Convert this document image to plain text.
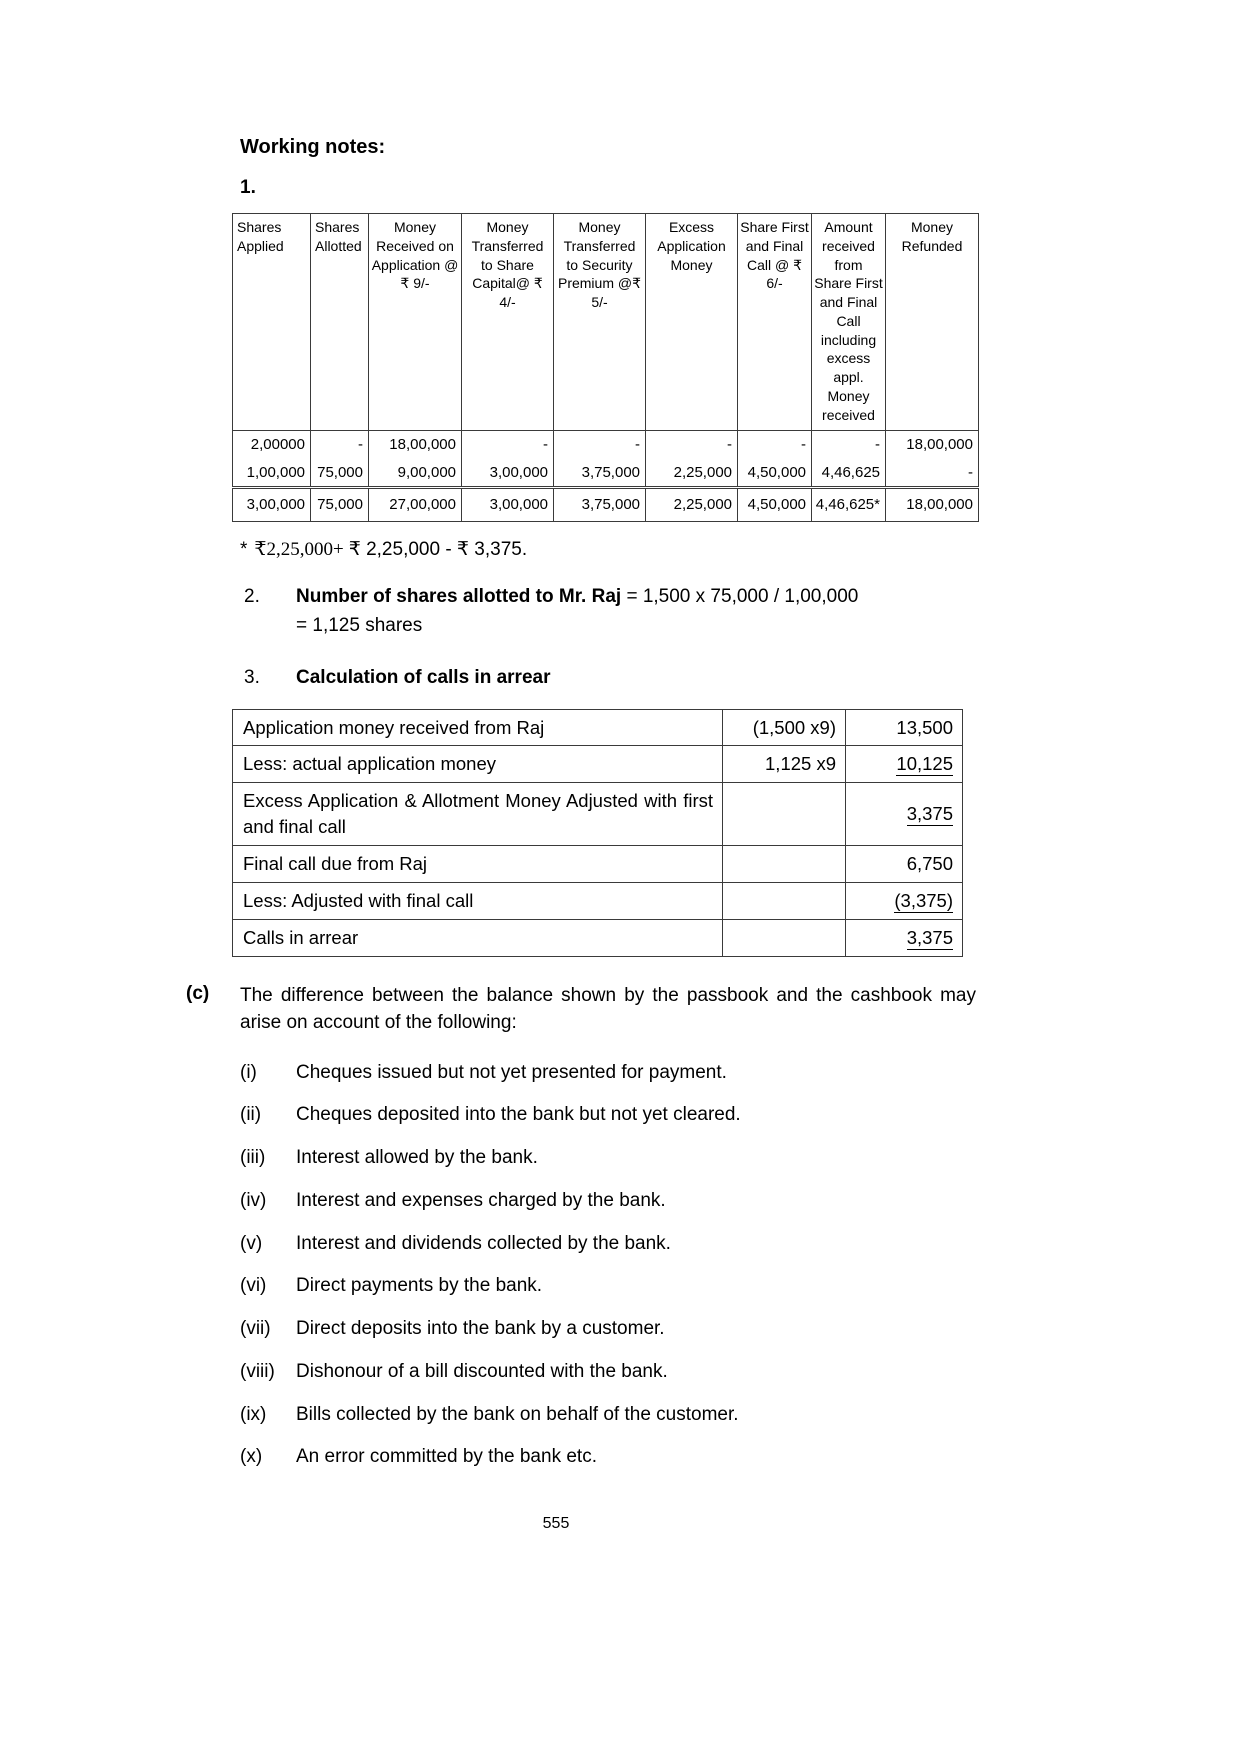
Working notes:
1.
Shares Applied	Shares Allotted	Money Received on Application @ ₹ 9/-	Money Transferred to Share Capital@ ₹ 4/-	Money Transferred to Security Premium @₹ 5/-	Excess Application Money	Share First and Final Call @ ₹ 6/-	Amount received from Share First and Final Call including excess appl. Money received	Money Refunded
2,00000	-	18,00,000	-	-	-	-	-	18,00,000
1,00,000	75,000	9,00,000	3,00,000	3,75,000	2,25,000	4,50,000	4,46,625	-
3,00,000	75,000	27,00,000	3,00,000	3,75,000	2,25,000	4,50,000	4,46,625*	18,00,000
* ₹2,25,000+ ₹ 2,25,000 - ₹ 3,375.
2.	Number of shares allotted to Mr. Raj = 1,500 x 75,000 / 1,00,000
= 1,125 shares
3.	Calculation of calls in arrear
Application money received from Raj	(1,500 x9)	13,500
Less: actual application money	1,125 x9	10,125
Excess Application & Allotment Money Adjusted with first and final call		3,375
Final call due from Raj		6,750
Less: Adjusted with final call		(3,375)
Calls in arrear		3,375
(c)	The difference between the balance shown by the passbook and the cashbook may arise on account of the following:
(i)	Cheques issued but not yet presented for payment.
(ii)	Cheques deposited into the bank but not yet cleared.
(iii)	Interest allowed by the bank.
(iv)	Interest and expenses charged by the bank.
(v)	Interest and dividends collected by the bank.
(vi)	Direct payments by the bank.
(vii)	Direct deposits into the bank by a customer.
(viii)	Dishonour of a bill discounted with the bank.
(ix)	Bills collected by the bank on behalf of the customer.
(x)	An error committed by the bank etc.
555
